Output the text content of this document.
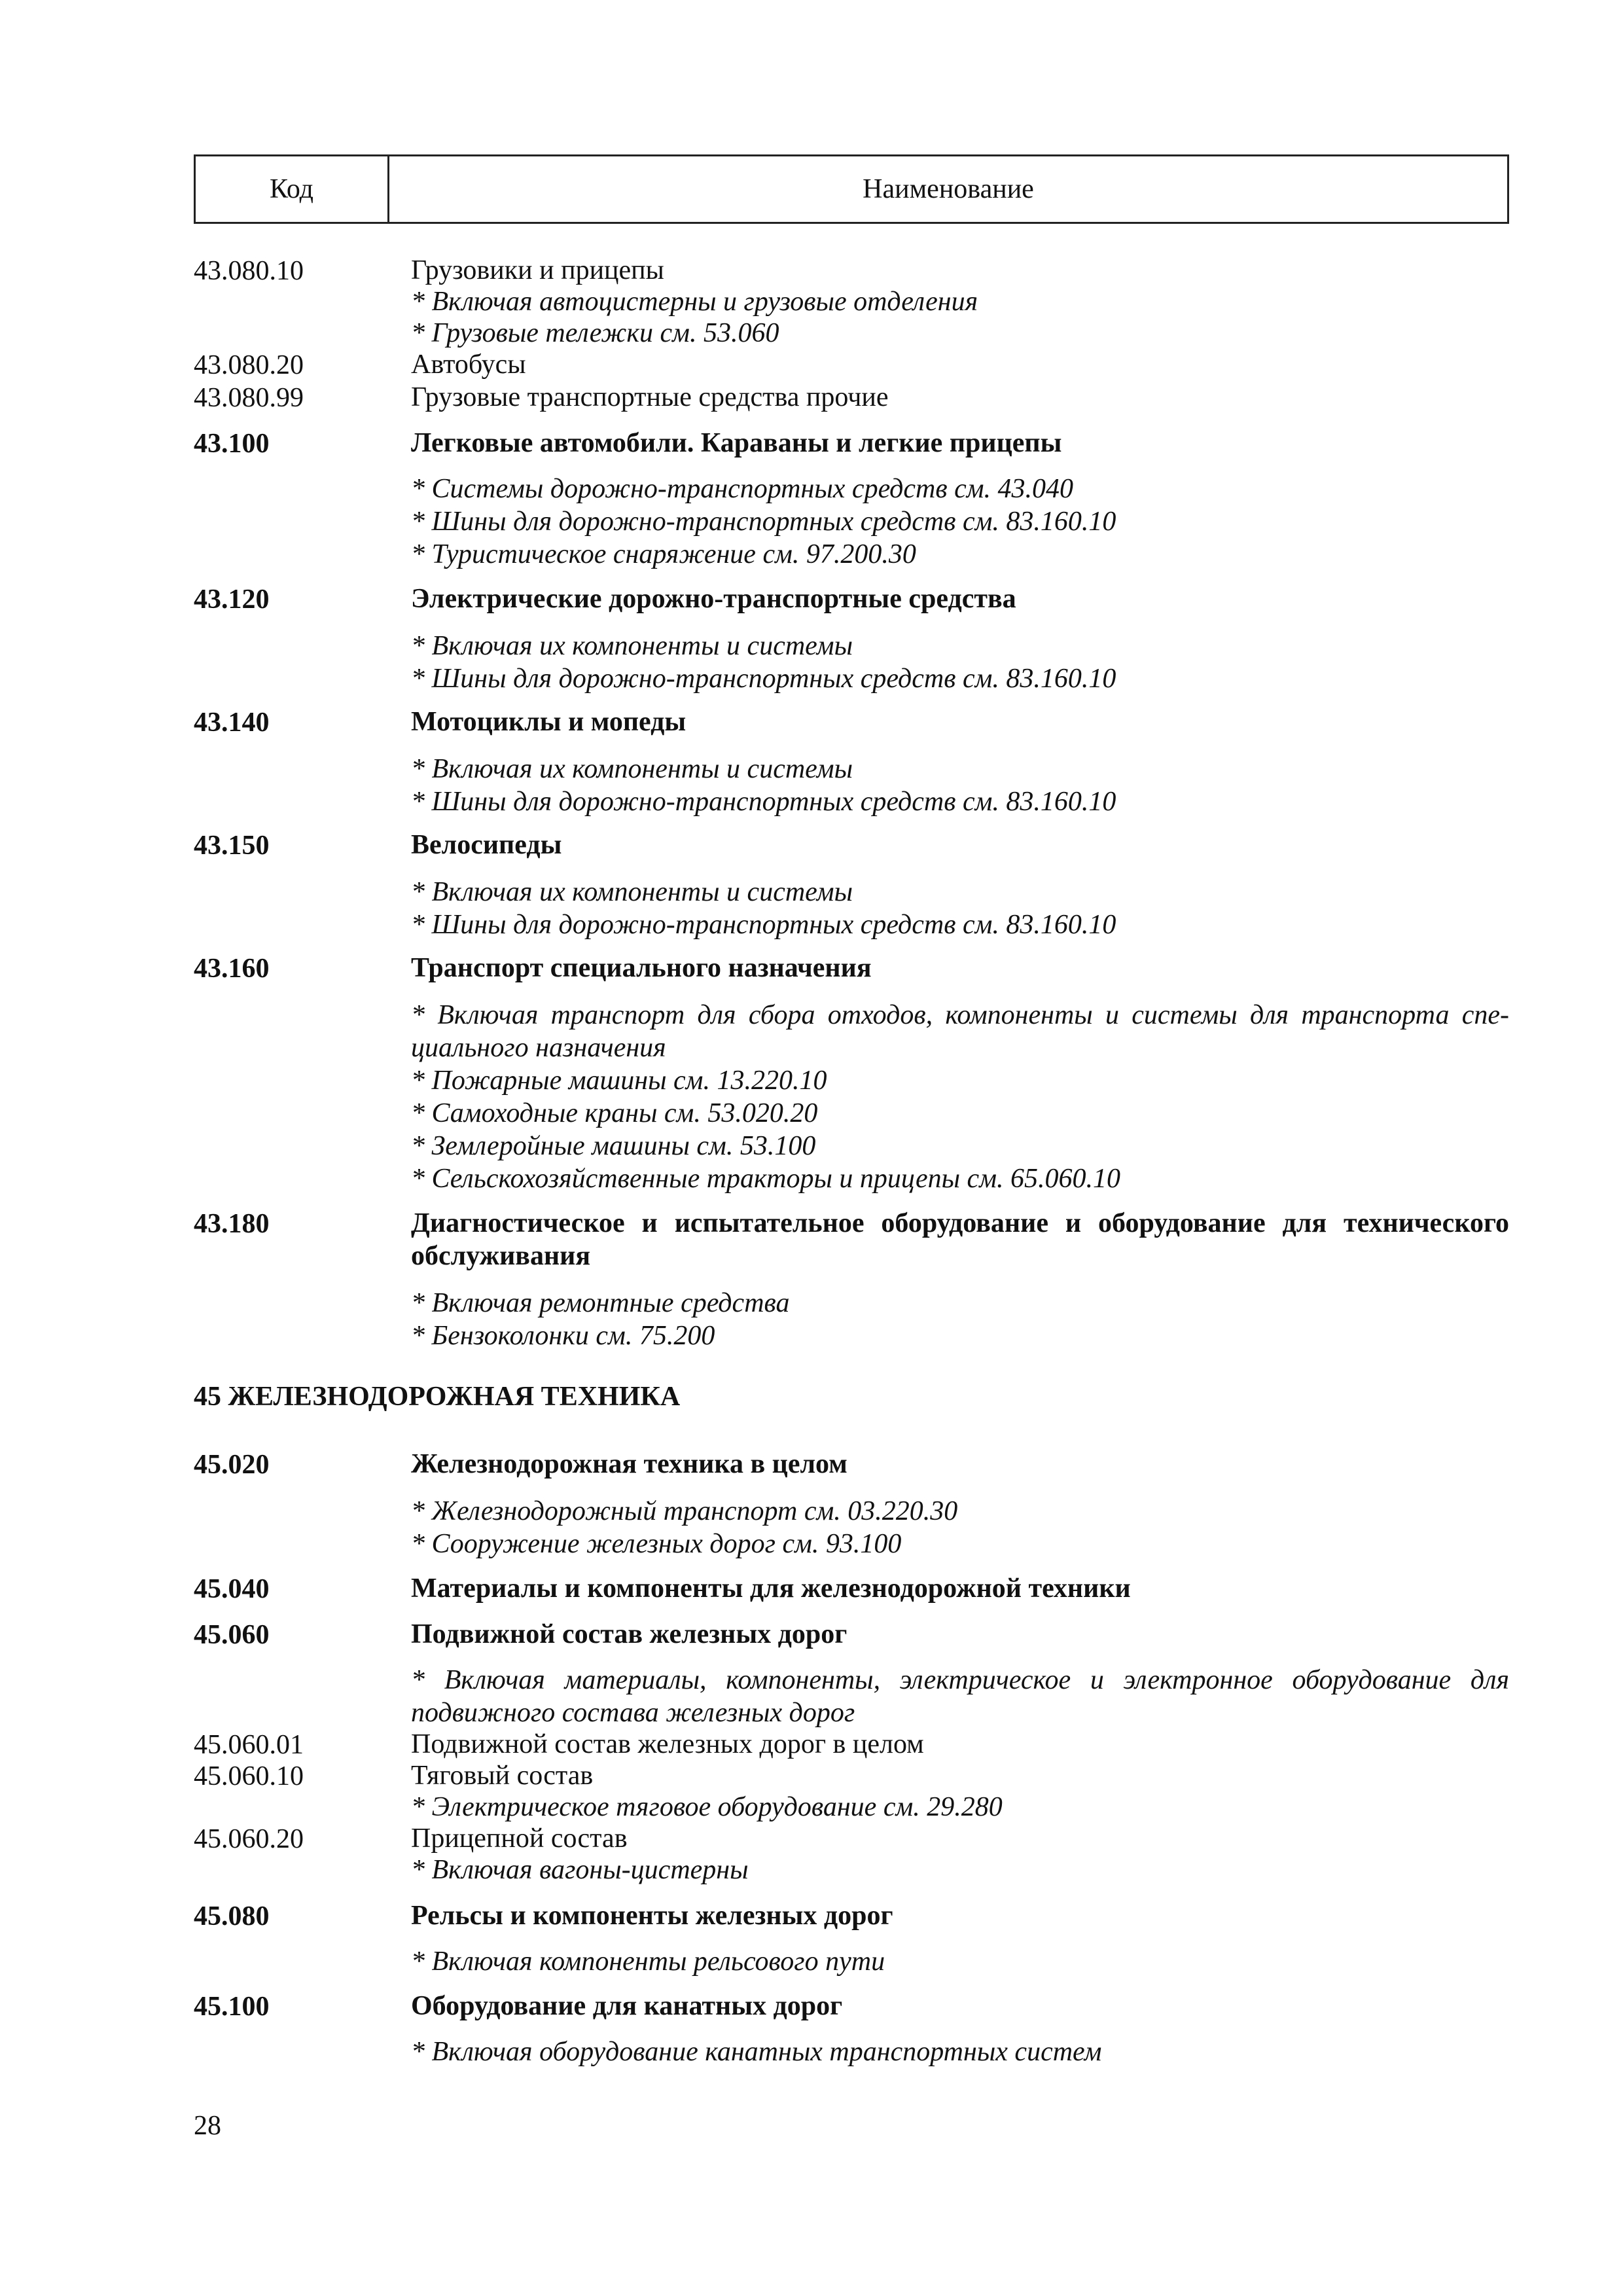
Код	Наименование
43.080.10	Грузовики и прицепы
* Включая автоцистерны и грузовые отделения
* Грузовые тележки см. 53.060
43.080.20	Автобусы
43.080.99	Грузовые транспортные средства прочие
43.100	Легковые автомобили. Караваны и легкие прицепы
* Системы дорожно-транспортных средств см. 43.040
* Шины для дорожно-транспортных средств см. 83.160.10
* Туристическое снаряжение см. 97.200.30
43.120	Электрические дорожно-транспортные средства
* Включая их компоненты и системы
* Шины для дорожно-транспортных средств см. 83.160.10
43.140	Мотоциклы и мопеды
* Включая их компоненты и системы
* Шины для дорожно-транспортных средств см. 83.160.10
43.150	Велосипеды
* Включая их компоненты и системы
* Шины для дорожно-транспортных средств см. 83.160.10
43.160	Транспорт специального назначения
* Включая транспорт для сбора отходов, компоненты и системы для транспорта спе-
циального назначения
* Пожарные машины см. 13.220.10
* Самоходные краны см. 53.020.20
* Землеройные машины см. 53.100
* Сельскохозяйственные тракторы и прицепы см. 65.060.10
43.180	Диагностическое и испытательное оборудование и оборудование для технического
обслуживания
* Включая ремонтные средства
* Бензоколонки см. 75.200
45 ЖЕЛЕЗНОДОРОЖНАЯ ТЕХНИКА
45.020	Железнодорожная техника в целом
* Железнодорожный транспорт см. 03.220.30
* Сооружение железных дорог см. 93.100
45.040	Материалы и компоненты для железнодорожной техники
45.060	Подвижной состав железных дорог
* Включая материалы, компоненты, электрическое и электронное оборудование для
подвижного состава железных дорог
45.060.01	Подвижной состав железных дорог в целом
45.060.10	Тяговый состав
* Электрическое тяговое оборудование см. 29.280
45.060.20	Прицепной состав
* Включая вагоны-цистерны
45.080	Рельсы и компоненты железных дорог
* Включая компоненты рельсового пути
45.100	Оборудование для канатных дорог
* Включая оборудование канатных транспортных систем
28
